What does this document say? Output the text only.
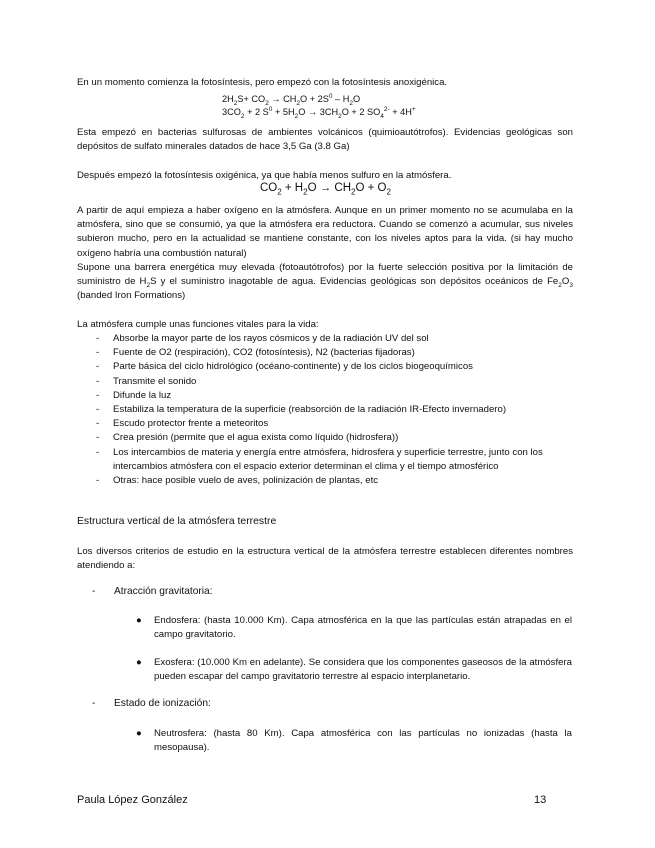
En un momento comienza la fotosíntesis, pero empezó con la fotosíntesis anoxigénica.
$2H_2S+ CO_2 \to CH_2O + 2S^0 - H_2O$
$3CO_2 + 2$ $S^0 + 5H_2O \to 3CH_2O + 2$ $SO_4^{2-} + 4H^+$
Esta empezó en bacterias sulfurosas de ambientes volcánicos (quimioautótrofos). Evidencias geológicas son depósitos de sulfato minerales datados de hace 3,5 Ga (3.8 Ga)
Después empezó la fotosíntesis oxigénica, ya que había menos sulfuro en la atmósfera.
$CO_2 + H_2O \to CH_2O + O_2$
A partir de aquí empieza a haber oxígeno en la atmósfera. Aunque en un primer momento no se acumulaba en la atmósfera, sino que se consumió, ya que la atmósfera era reductora. Cuando se comenzó a acumular, sus niveles subieron mucho, pero en la actualidad se mantiene constante, con los niveles aptos para la vida. (si hay mucho oxígeno habría una combustión natural)
Supone una barrera energética muy elevada (fotoautótrofos) por la fuerte selección positiva por la limitación de suministro de $H_2S$ y el suministro inagotable de agua. Evidencias geológicas son depósitos oceánicos de $Fe_2O_3$ (banded Iron Formations)
La atmósfera cumple unas funciones vitales para la vida:
- Absorbe la mayor parte de los rayos cósmicos y de la radiación UV del sol
- Fuente de O2 (respiración), CO2 (fotosíntesis), N2 (bacterias fijadoras)
- Parte básica del ciclo hidrológico (océano-continente) y de los ciclos biogeoquímicos
- Transmite el sonido
- Difunde la luz
- Estabiliza la temperatura de la superficie (reabsorción de la radiación IR-Efecto invernadero)
- Escudo protector frente a meteoritos
- Crea presión (permite que el agua exista como líquido (hidrosfera))
- Los intercambios de materia y energía entre atmósfera, hidrosfera y superficie terrestre, junto con los intercambios atmósfera con el espacio exterior determinan el clima y el tiempo atmosférico
- Otras: hace posible vuelo de aves, polinización de plantas, etc
Estructura vertical de la atmósfera terrestre
Los diversos criterios de estudio en la estructura vertical de la atmósfera terrestre establecen diferentes nombres atendiendo a:
- Atracción gravitatoria:
● Endosfera: (hasta 10.000 Km). Capa atmosférica en la que las partículas están atrapadas en el campo gravitatorio.
● Exosfera: (10.000 Km en adelante). Se considera que los componentes gaseosos de la atmósfera pueden escapar del campo gravitatorio terrestre al espacio interplanetario.
- Estado de ionización:
● Neutrosfera: (hasta 80 Km). Capa atmosférica con las partículas no ionizadas (hasta la mesopausa).
Paula López González	13
